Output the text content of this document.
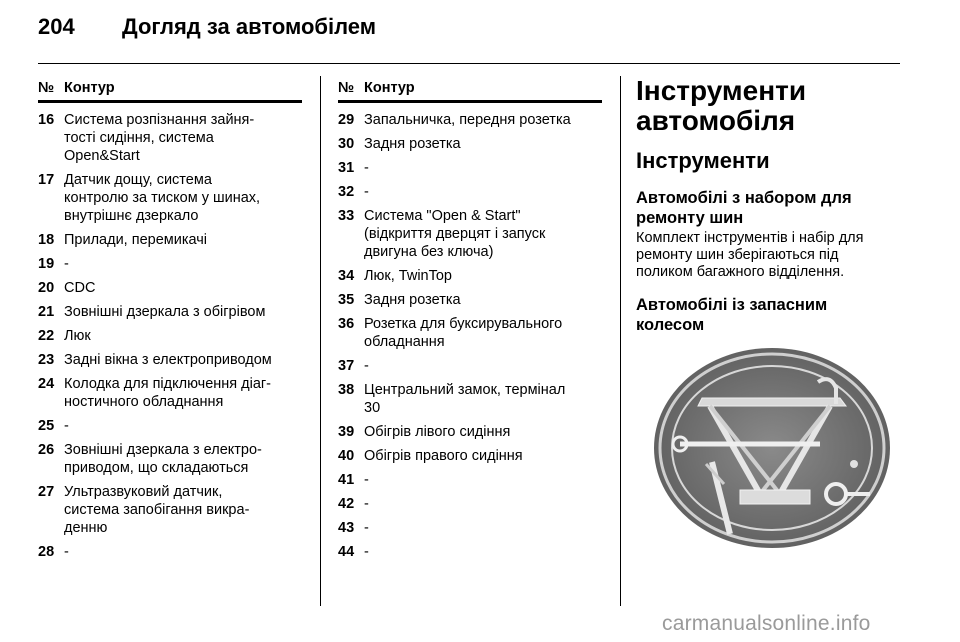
204 Догляд за автомобілем
№ Контур
16 Система розпізнання зайня-
тості сидіння, система
Open&Start
17 Датчик дощу, система
контролю за тиском у шинах,
внутрішнє дзеркало
18 Прилади, перемикачі
19 -
20 CDC
21 Зовнішні дзеркала з обігрівом
22 Люк
23 Задні вікна з електроприводом
24 Колодка для підключення діаг-
ностичного обладнання
25 -
26 Зовнішні дзеркала з електро-
приводом, що складаються
27 Ультразвуковий датчик,
система запобігання викра-
денню
28 -
№ Контур
29 Запальничка, передня розетка
30 Задня розетка
31 -
32 -
33 Система "Open & Start"
(відкриття дверцят і запуск
двигуна без ключа)
34 Люк, TwinTop
35 Задня розетка
36 Розетка для буксирувального
обладнання
37 -
38 Центральний замок, термінал
30
39 Обігрів лівого сидіння
40 Обігрів правого сидіння
41 -
42 -
43 -
44 -
Інструменти
автомобіля
Інструменти
Автомобілі з набором для
ремонту шин
Комплект інструментів і набір для
ремонту шин зберігаються під
поликом багажного відділення.
Автомобілі із запасним
колесом
carmanualsonline.info
